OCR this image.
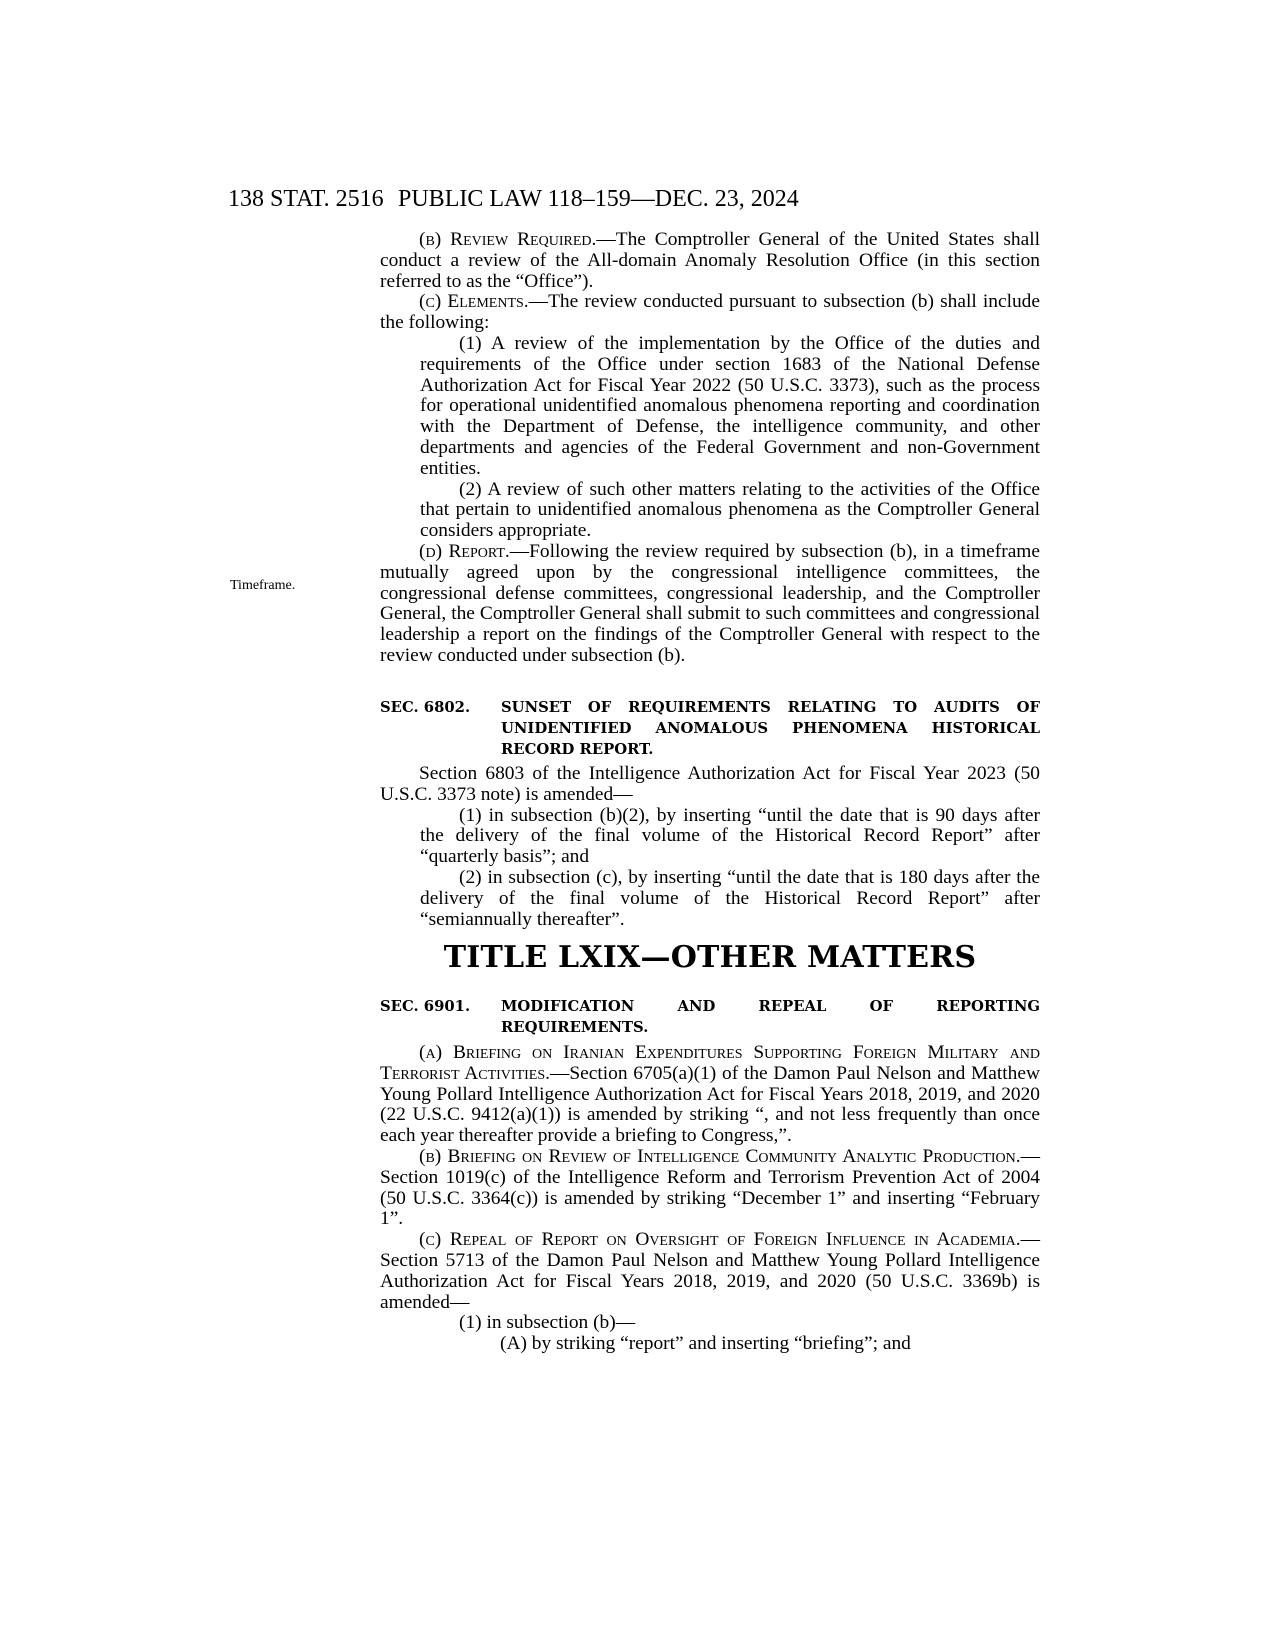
138 STAT. 2516 PUBLIC LAW 118–159—DEC. 23, 2024
Timeframe.

(b) Review Required.—The Comptroller General of the United States shall conduct a review of the All-domain Anomaly Resolution Office (in this section referred to as the “Office”).

(c) Elements.—The review conducted pursuant to subsection (b) shall include the following:

(1) A review of the implementation by the Office of the duties and requirements of the Office under section 1683 of the National Defense Authorization Act for Fiscal Year 2022 (50 U.S.C. 3373), such as the process for operational unidentified anomalous phenomena reporting and coordination with the Department of Defense, the intelligence community, and other departments and agencies of the Federal Government and non-Government entities.

(2) A review of such other matters relating to the activities of the Office that pertain to unidentified anomalous phenomena as the Comptroller General considers appropriate.

(d) Report.—Following the review required by subsection (b), in a timeframe mutually agreed upon by the congressional intelligence committees, the congressional defense committees, congressional leadership, and the Comptroller General, the Comptroller General shall submit to such committees and congressional leadership a report on the findings of the Comptroller General with respect to the review conducted under subsection (b).

SEC. 6802. SUNSET OF REQUIREMENTS RELATING TO AUDITS OF UNIDENTIFIED ANOMALOUS PHENOMENA HISTORICAL RECORD REPORT.

Section 6803 of the Intelligence Authorization Act for Fiscal Year 2023 (50 U.S.C. 3373 note) is amended—

(1) in subsection (b)(2), by inserting “until the date that is 90 days after the delivery of the final volume of the Historical Record Report” after “quarterly basis”; and

(2) in subsection (c), by inserting “until the date that is 180 days after the delivery of the final volume of the Historical Record Report” after “semiannually thereafter”.

TITLE LXIX—OTHER MATTERS
SEC. 6901. MODIFICATION AND REPEAL OF REPORTING REQUIREMENTS.

(a) Briefing on Iranian Expenditures Supporting Foreign Military and Terrorist Activities.—Section 6705(a)(1) of the Damon Paul Nelson and Matthew Young Pollard Intelligence Authorization Act for Fiscal Years 2018, 2019, and 2020 (22 U.S.C. 9412(a)(1)) is amended by striking “, and not less frequently than once each year thereafter provide a briefing to Congress,”.

(b) Briefing on Review of Intelligence Community Analytic Production.—Section 1019(c) of the Intelligence Reform and Terrorism Prevention Act of 2004 (50 U.S.C. 3364(c)) is amended by striking “December 1” and inserting “February 1”.

(c) Repeal of Report on Oversight of Foreign Influence in Academia.—Section 5713 of the Damon Paul Nelson and Matthew Young Pollard Intelligence Authorization Act for Fiscal Years 2018, 2019, and 2020 (50 U.S.C. 3369b) is amended—

(1) in subsection (b)—

(A) by striking “report” and inserting “briefing”; and
